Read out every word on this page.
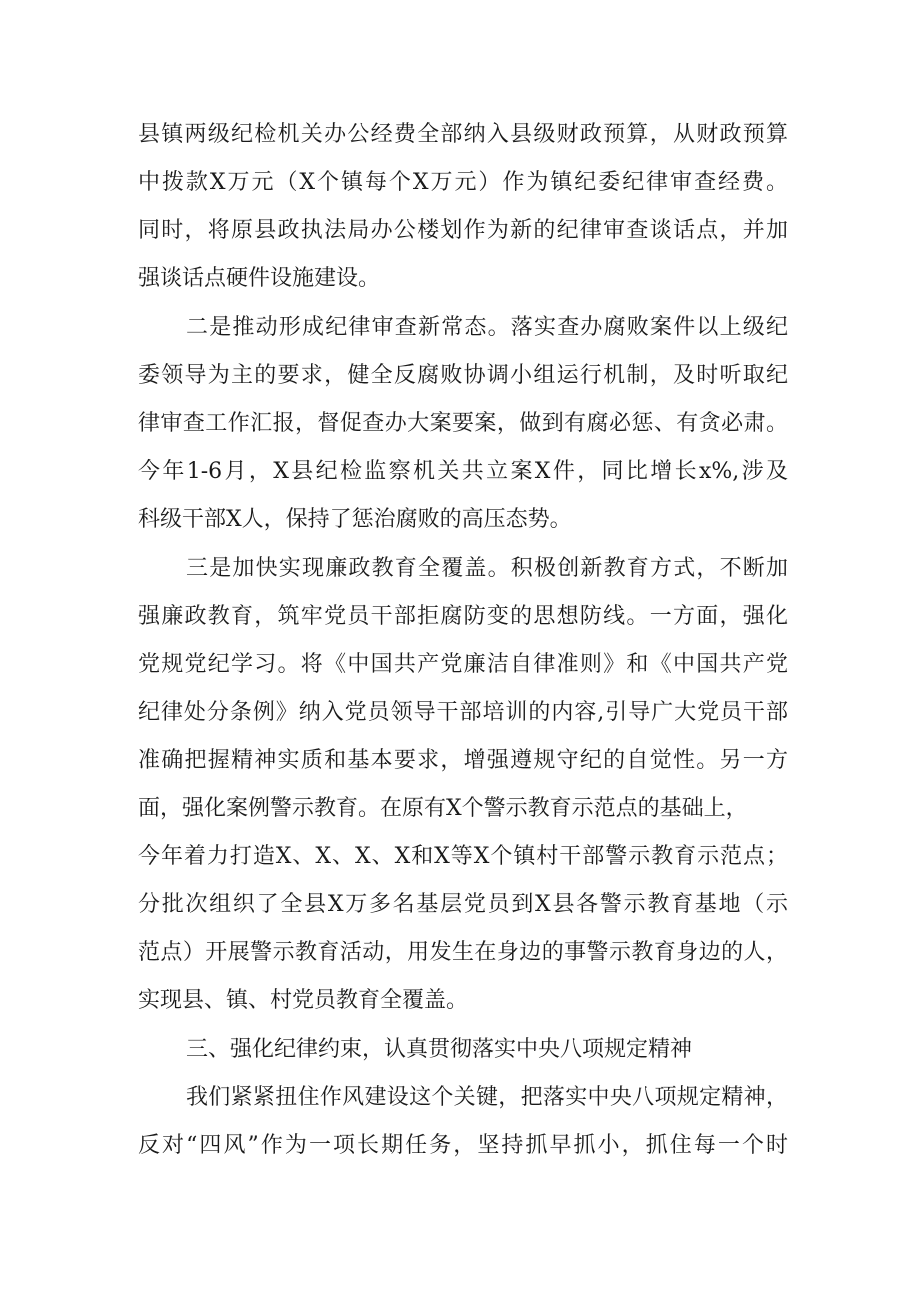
县镇两级纪检机关办公经费全部纳入县级财政预算，从财政预算
中拨款X万元（X个镇每个X万元）作为镇纪委纪律审查经费。
同时，将原县政执法局办公楼划作为新的纪律审查谈话点，并加
强谈话点硬件设施建设。
二是推动形成纪律审查新常态。落实查办腐败案件以上级纪
委领导为主的要求，健全反腐败协调小组运行机制，及时听取纪
律审查工作汇报，督促查办大案要案，做到有腐必惩、有贪必肃。
今年1-6月，X县纪检监察机关共立案X件，同比增长x%,涉及
科级干部X人，保持了惩治腐败的高压态势。
三是加快实现廉政教育全覆盖。积极创新教育方式，不断加
强廉政教育，筑牢党员干部拒腐防变的思想防线。一方面，强化
党规党纪学习。将《中国共产党廉洁自律准则》和《中国共产党
纪律处分条例》纳入党员领导干部培训的内容,引导广大党员干部
准确把握精神实质和基本要求，增强遵规守纪的自觉性。另一方
面，强化案例警示教育。在原有X个警示教育示范点的基础上，
今年着力打造X、X、X、X和X等X个镇村干部警示教育示范点；
分批次组织了全县X万多名基层党员到X县各警示教育基地（示
范点）开展警示教育活动，用发生在身边的事警示教育身边的人，
实现县、镇、村党员教育全覆盖。
三、强化纪律约束，认真贯彻落实中央八项规定精神
我们紧紧扭住作风建设这个关键，把落实中央八项规定精神，
反对“四风”作为一项长期任务，坚持抓早抓小，抓住每一个时
